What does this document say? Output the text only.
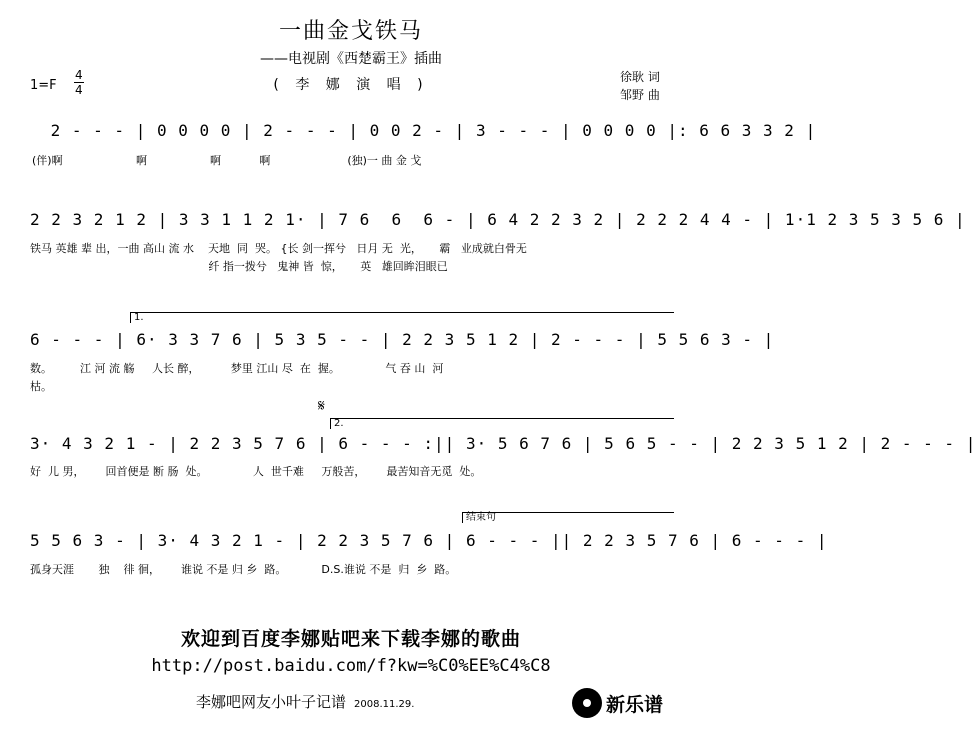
一曲金戈铁马
——电视剧《西楚霸王》插曲
( 李 娜 演 唱 )
1=F
4
4
徐耿 词
邹野 曲
2 - - - | 0 0 0 0 | 2 - - - | 0 0 2 - | 3 - - - | 0 0 0 0 |: 6 6 3 3 2 |
(伴)啊                     啊                  啊           啊                      (独)一 曲 金 戈
2 2 3 2 1 2 | 3 3 1 1 2 1· | 7 6  6  6 - | 6 4 2 2 3 2 | 2 2 2 4 4 - | 1·1 2 3 5 3 5 6 |
铁马 英雄 辈 出，一曲 高山 流 水    天地  同  哭。 {长 剑一挥兮   日月 无  光，     霸   业成就白骨无
纤 指一拨兮   鬼神 皆  惊，     英   雄回眸泪眼已
1.
6 - - - | 6· 3 3 7 6 | 5 3 5 - - | 2 2 3 5 1 2 | 2 - - - | 5 5 6 3 - |
数。        江 河 流 觞     人长 醉，         梦里 江山 尽  在  握。             气 吞 山  河
枯。
𝄋
2.
3· 4 3 2 1 - | 2 2 3 5 7 6 | 6 - - - :|| 3· 5 6 7 6 | 5 6 5 - - | 2 2 3 5 1 2 | 2 - - - |
好  儿 男，      回首便是 断 肠  处。             人  世千难     万般苦，      最苦知音无觅  处。
结束句
5 5 6 3 - | 3· 4 3 2 1 - | 2 2 3 5 7 6 | 6 - - - || 2 2 3 5 7 6 | 6 - - - |
孤身天涯       独    徘 徊，      谁说 不是 归 乡  路。          D.S.谁说 不是  归  乡  路。
欢迎到百度李娜贴吧来下载李娜的歌曲
http://post.baidu.com/f?kw=%C0%EE%C4%C8
李娜吧网友小叶子记谱 2008.11.29.	新乐谱
